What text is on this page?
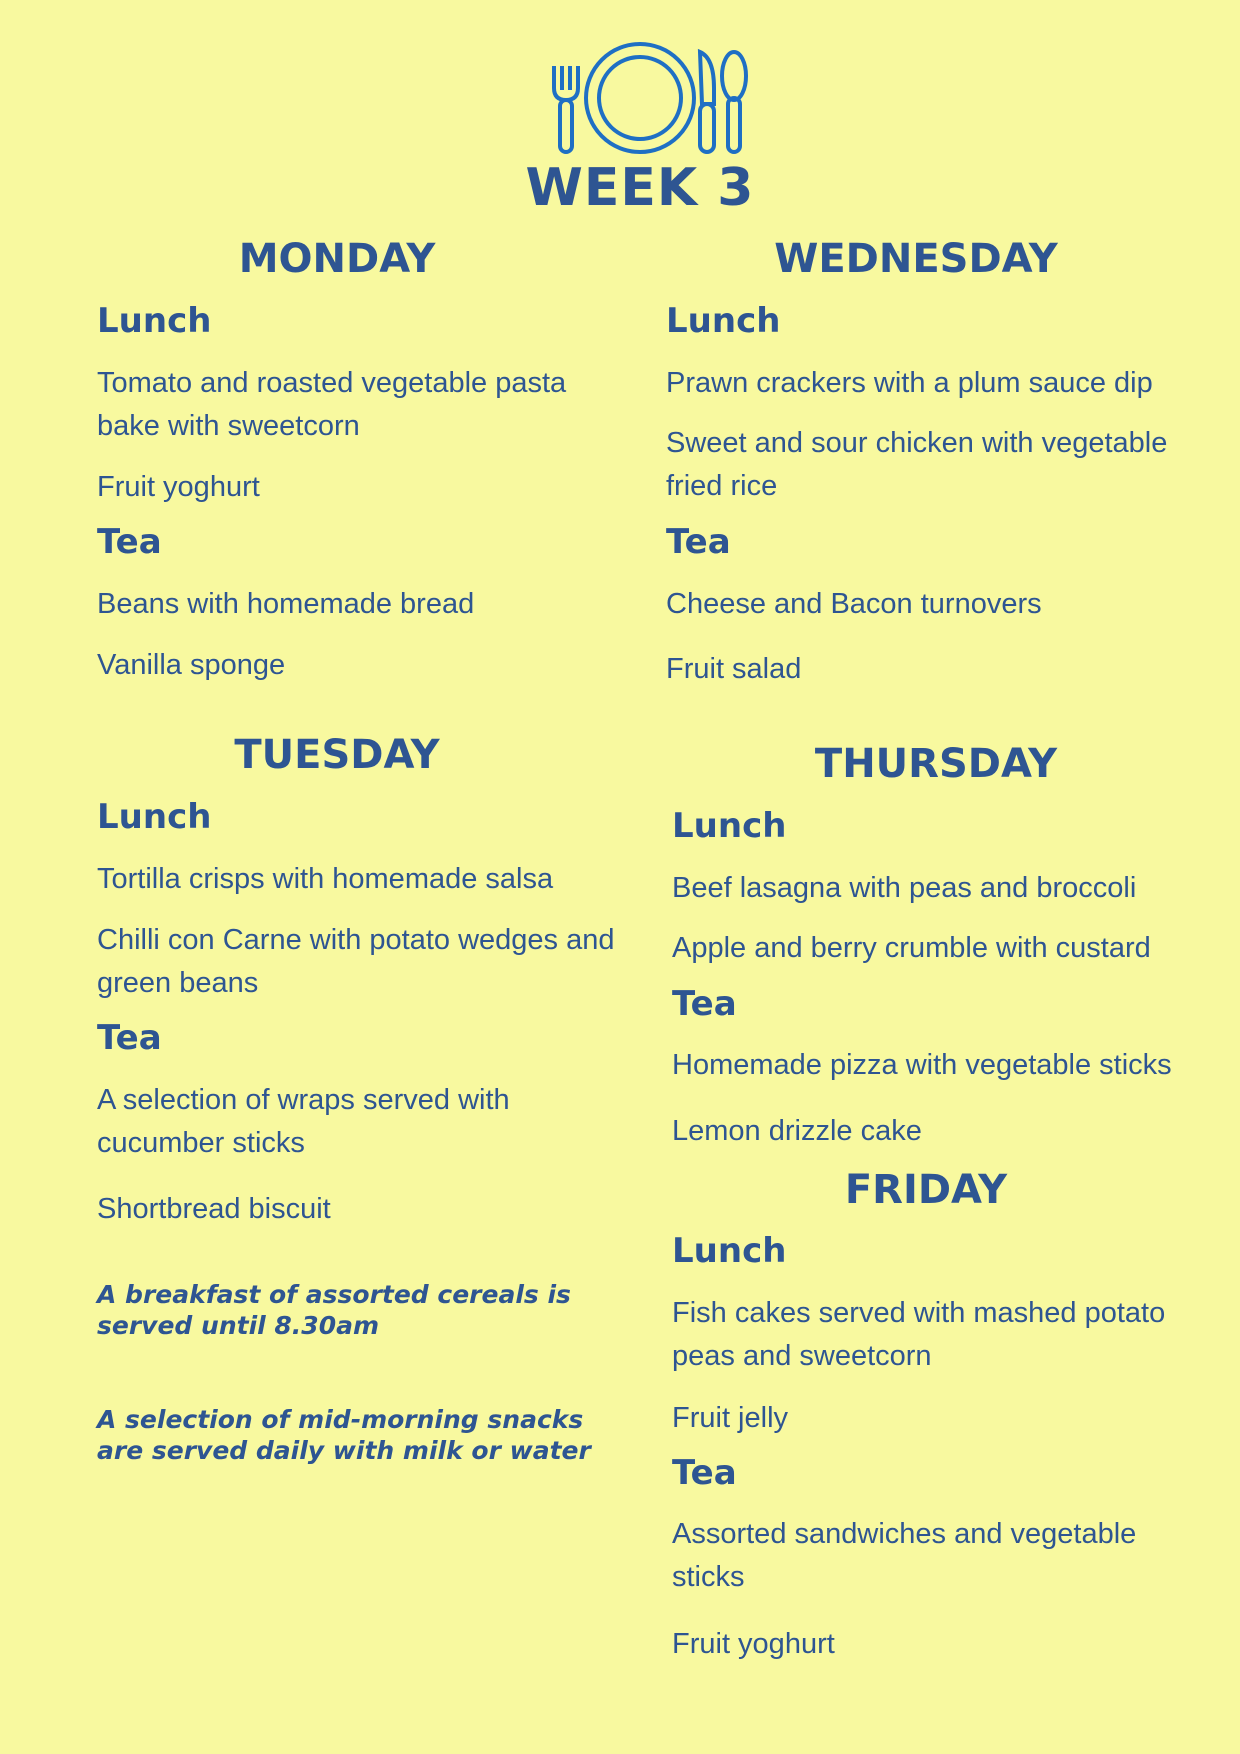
WEEK 3
MONDAY
Lunch
Tomato and roasted vegetable pasta bake with sweetcorn
Fruit yoghurt
Tea
Beans with homemade bread
Vanilla sponge
TUESDAY
Lunch
Tortilla crisps with homemade salsa
Chilli con Carne with potato wedges and green beans
Tea
A selection of wraps served with cucumber sticks
Shortbread biscuit

A breakfast of assorted cereals is served until 8.30am

A selection of mid-morning snacks are served daily with milk or water

WEDNESDAY
Lunch
Prawn crackers with a plum sauce dip
Sweet and sour chicken with vegetable fried rice
Tea
Cheese and Bacon turnovers
Fruit salad
THURSDAY
Lunch
Beef lasagna with peas and broccoli
Apple and berry crumble with custard
Tea
Homemade pizza with vegetable sticks
Lemon drizzle cake
FRIDAY
Lunch
Fish cakes served with mashed potato peas and sweetcorn
Fruit jelly
Tea
Assorted sandwiches and vegetable sticks
Fruit yoghurt
